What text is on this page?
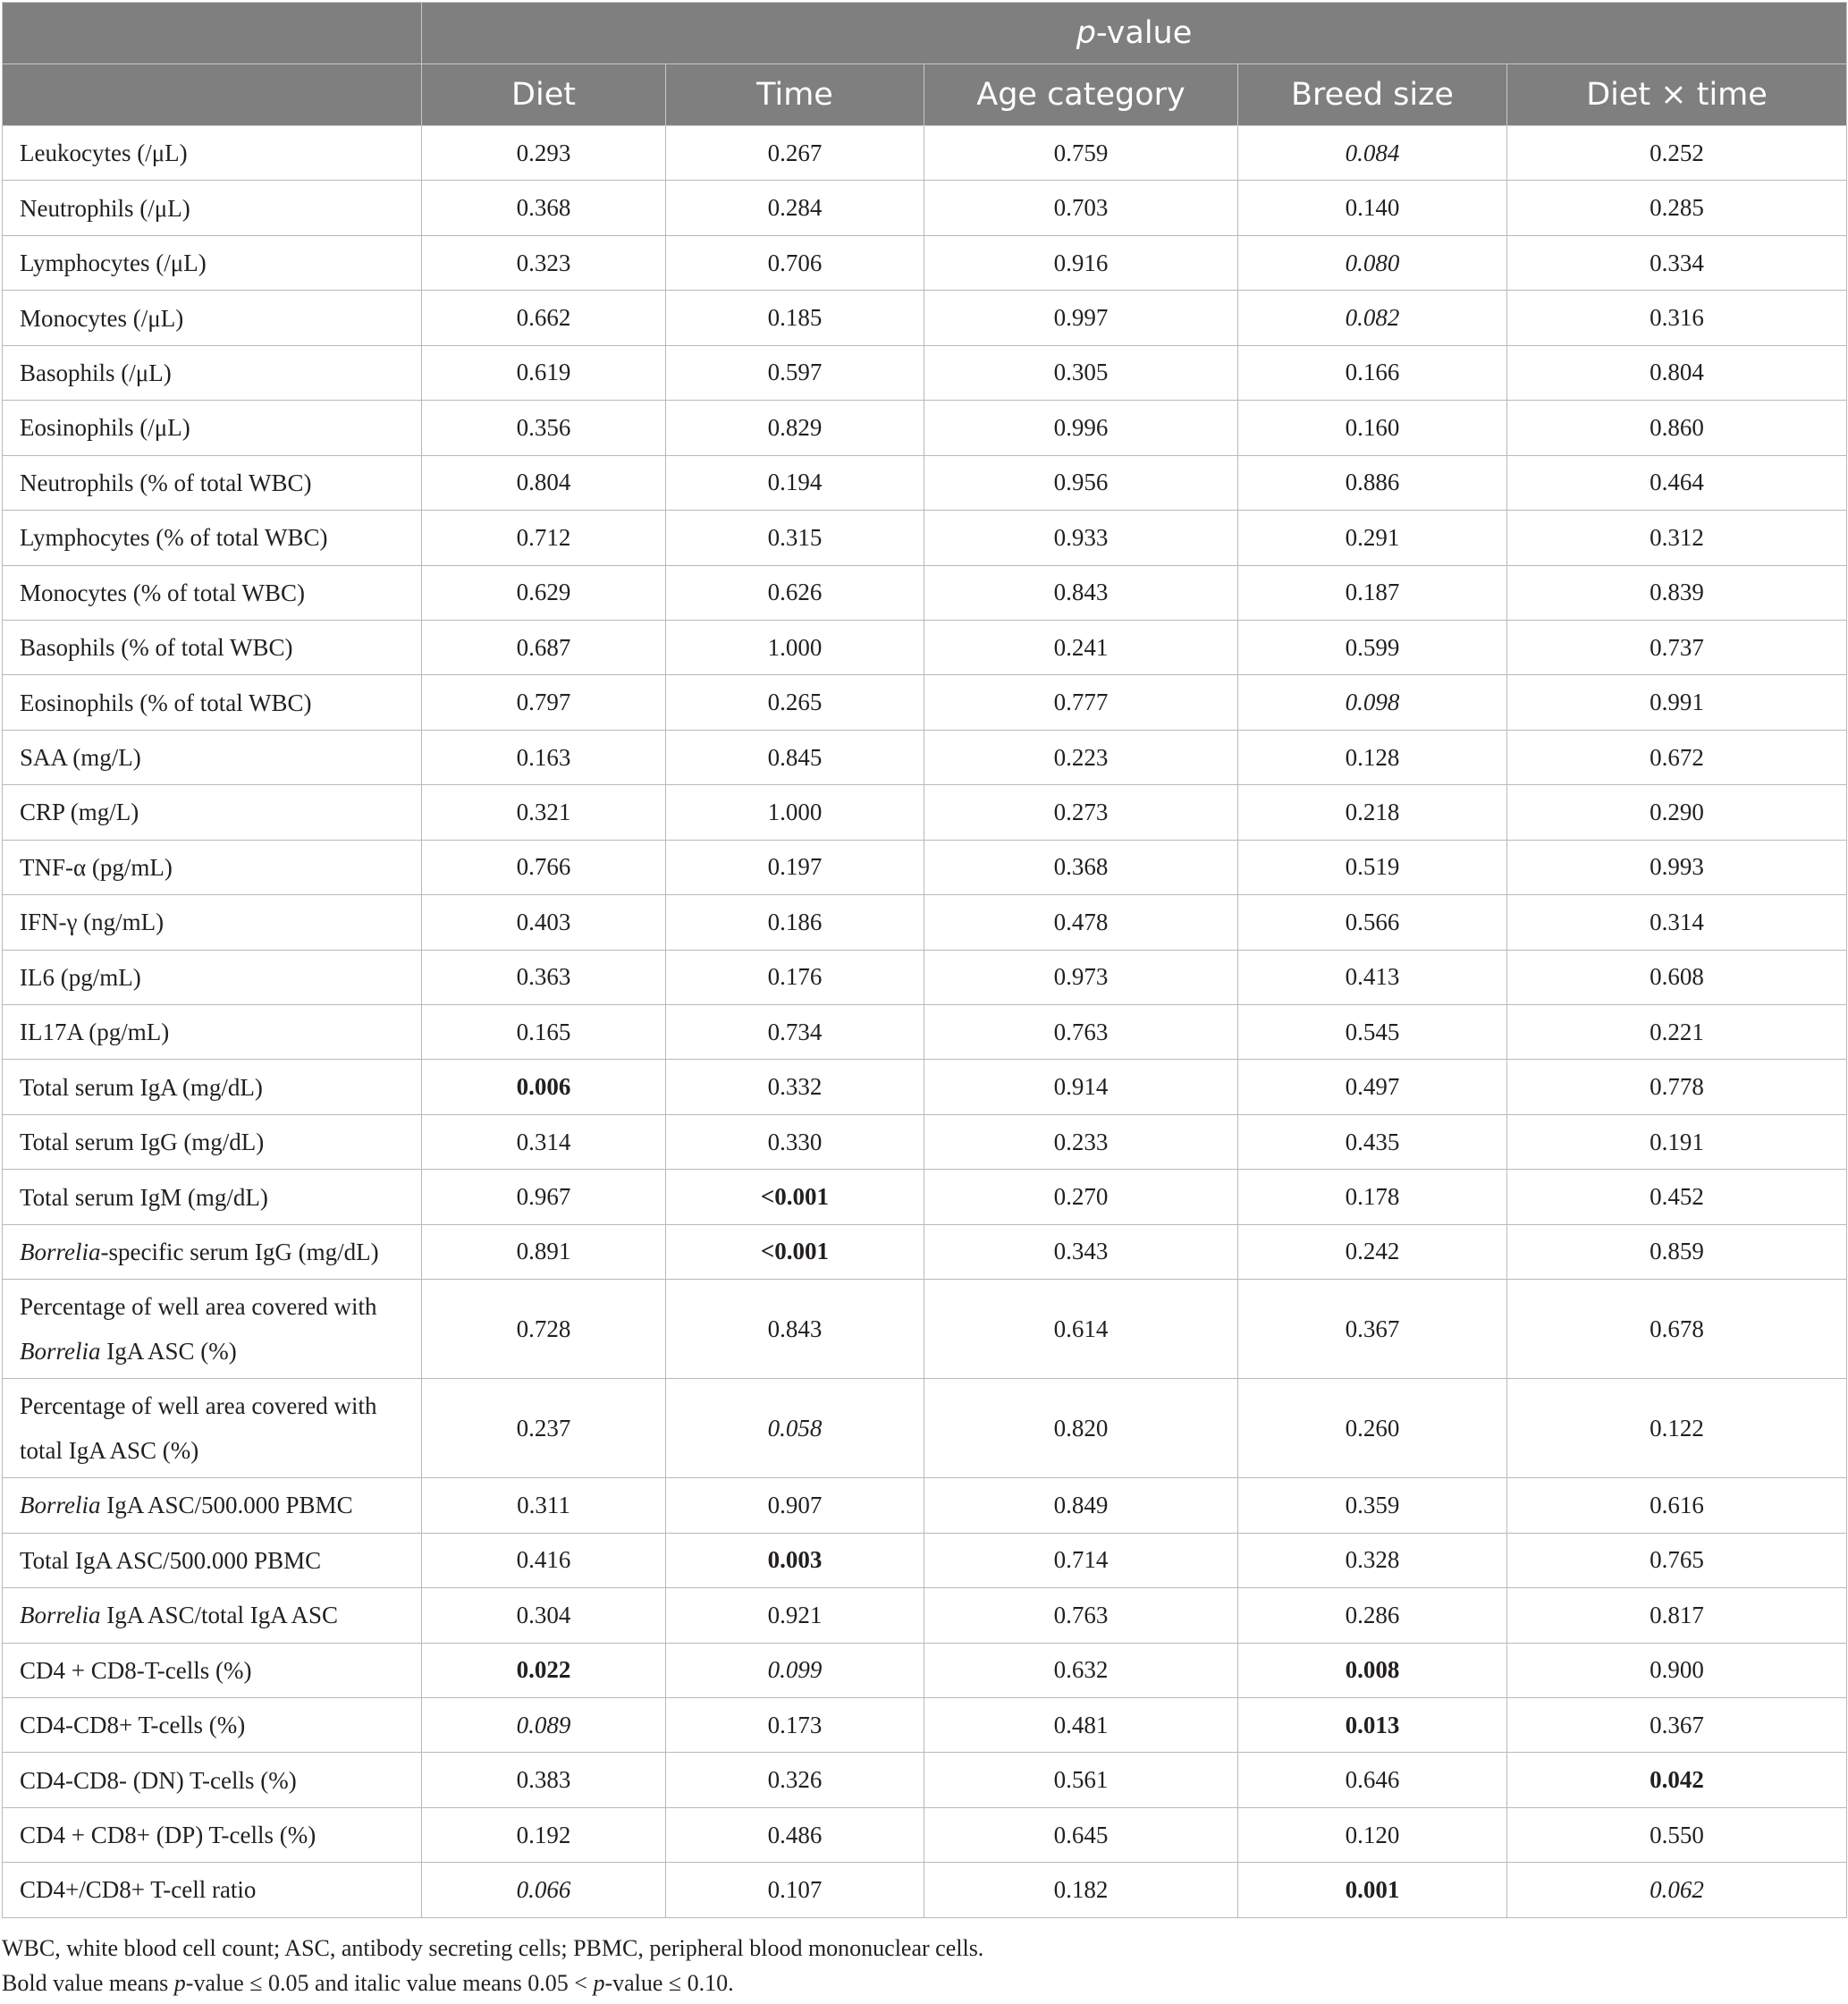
	p-value				
	Diet	Time	Age category	Breed size	Diet × time
Leukocytes (/μL)	0.293	0.267	0.759	0.084	0.252
Neutrophils (/μL)	0.368	0.284	0.703	0.140	0.285
Lymphocytes (/μL)	0.323	0.706	0.916	0.080	0.334
Monocytes (/μL)	0.662	0.185	0.997	0.082	0.316
Basophils (/μL)	0.619	0.597	0.305	0.166	0.804
Eosinophils (/μL)	0.356	0.829	0.996	0.160	0.860
Neutrophils (% of total WBC)	0.804	0.194	0.956	0.886	0.464
Lymphocytes (% of total WBC)	0.712	0.315	0.933	0.291	0.312
Monocytes (% of total WBC)	0.629	0.626	0.843	0.187	0.839
Basophils (% of total WBC)	0.687	1.000	0.241	0.599	0.737
Eosinophils (% of total WBC)	0.797	0.265	0.777	0.098	0.991
SAA (mg/L)	0.163	0.845	0.223	0.128	0.672
CRP (mg/L)	0.321	1.000	0.273	0.218	0.290
TNF-α (pg/mL)	0.766	0.197	0.368	0.519	0.993
IFN-γ (ng/mL)	0.403	0.186	0.478	0.566	0.314
IL6 (pg/mL)	0.363	0.176	0.973	0.413	0.608
IL17A (pg/mL)	0.165	0.734	0.763	0.545	0.221
Total serum IgA (mg/dL)	0.006	0.332	0.914	0.497	0.778
Total serum IgG (mg/dL)	0.314	0.330	0.233	0.435	0.191
Total serum IgM (mg/dL)	0.967	<0.001	0.270	0.178	0.452
Borrelia-specific serum IgG (mg/dL)	0.891	<0.001	0.343	0.242	0.859
Percentage of well area covered with
Borrelia IgA ASC (%)	0.728	0.843	0.614	0.367	0.678
Percentage of well area covered with
total IgA ASC (%)	0.237	0.058	0.820	0.260	0.122
Borrelia IgA ASC/500.000 PBMC	0.311	0.907	0.849	0.359	0.616
Total IgA ASC/500.000 PBMC	0.416	0.003	0.714	0.328	0.765
Borrelia IgA ASC/total IgA ASC	0.304	0.921	0.763	0.286	0.817
CD4 + CD8-T-cells (%)	0.022	0.099	0.632	0.008	0.900
CD4-CD8+ T-cells (%)	0.089	0.173	0.481	0.013	0.367
CD4-CD8- (DN) T-cells (%)	0.383	0.326	0.561	0.646	0.042
CD4 + CD8+ (DP) T-cells (%)	0.192	0.486	0.645	0.120	0.550
CD4+/CD8+ T-cell ratio	0.066	0.107	0.182	0.001	0.062
WBC, white blood cell count; ASC, antibody secreting cells; PBMC, peripheral blood mononuclear cells.
Bold value means p-value ≤ 0.05 and italic value means 0.05 < p-value ≤ 0.10.
